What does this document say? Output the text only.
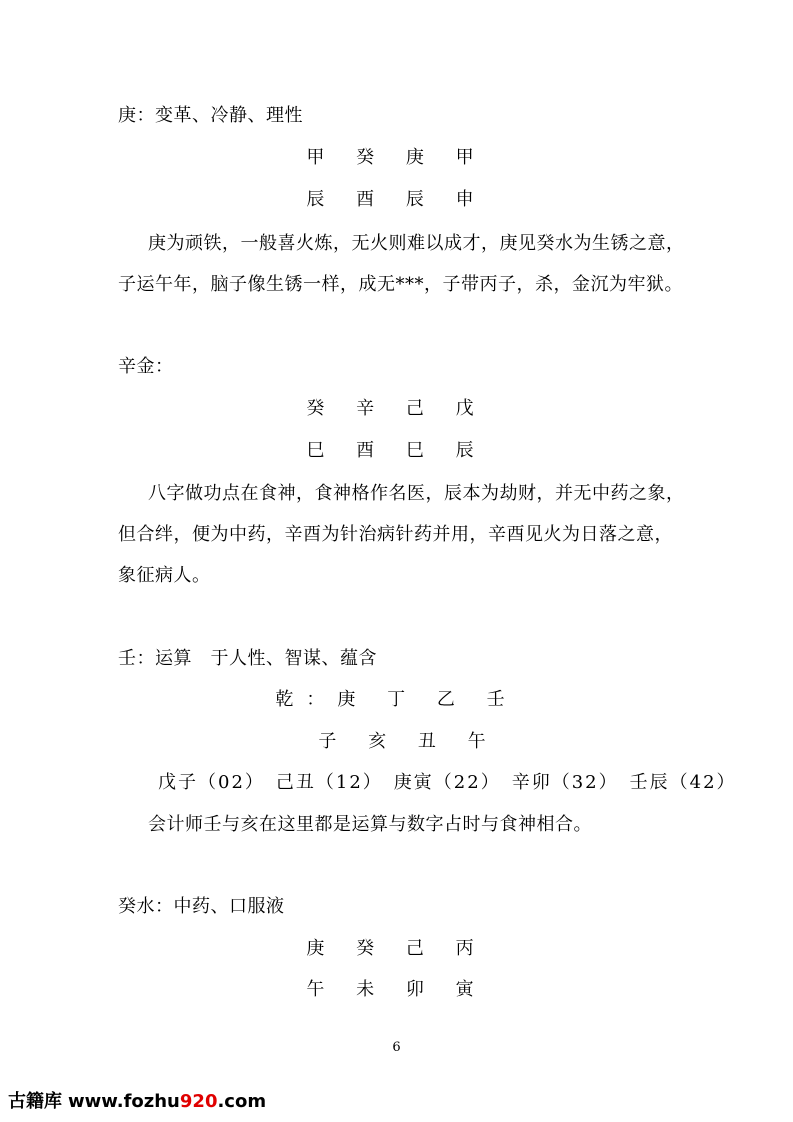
庚：变革、冷静、理性
甲 癸 庚 甲
辰 酉 辰 申
庚为顽铁，一般喜火炼，无火则难以成才，庚见癸水为生锈之意，
子运午年，脑子像生锈一样，成无***，子带丙子，杀，金沉为牢狱。
辛金：
癸 辛 己 戊
巳 酉 巳 辰
八字做功点在食神，食神格作名医，辰本为劫财，并无中药之象，
但合绊，便为中药，辛酉为针治病针药并用，辛酉见火为日落之意，
象征病人。
壬：运算　于人性、智谋、蕴含
乾：庚 丁 乙 壬
子 亥 丑 午
戊子（02）　己丑（12）　庚寅（22）　辛卯（32）　壬辰（42）
会计师壬与亥在这里都是运算与数字占时与食神相合。
癸水：中药、口服液
庚 癸 己 丙
午 未 卯 寅
6
古籍库 www.fozhu920.com
